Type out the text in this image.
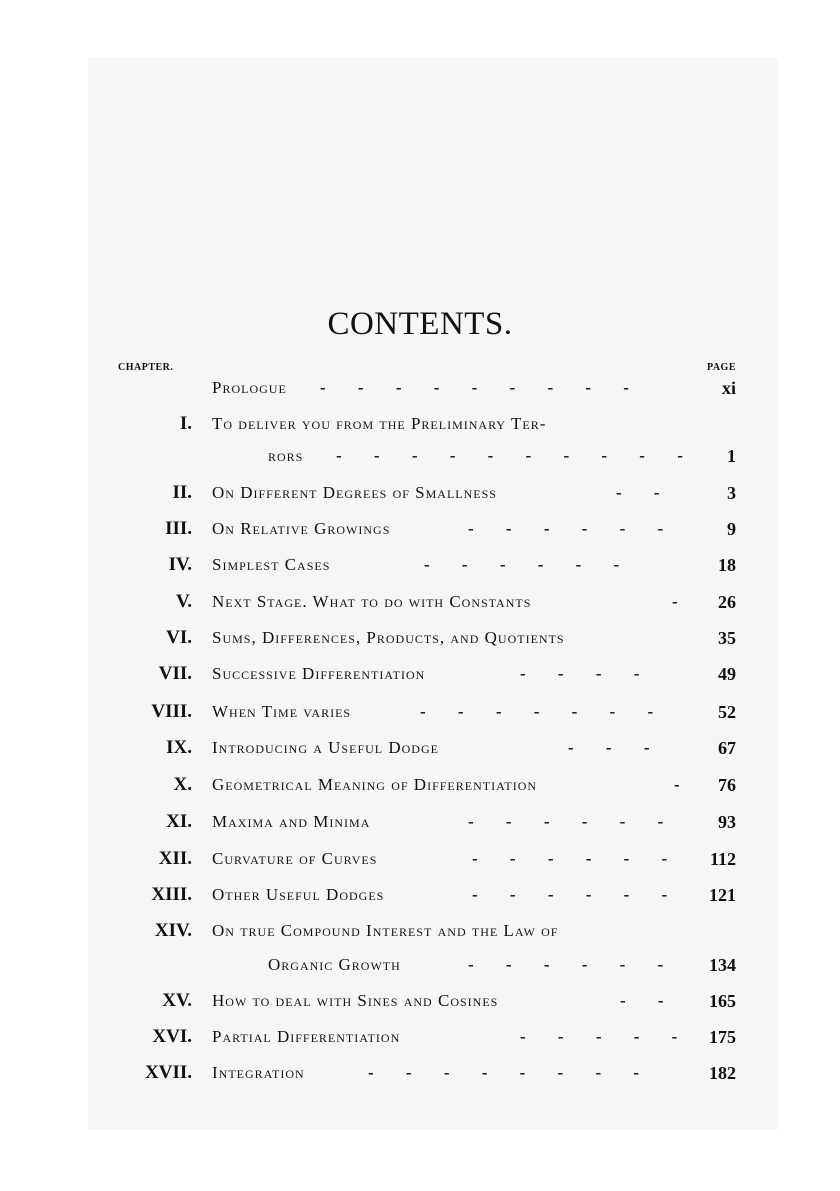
CONTENTS.
CHAPTER.	PAGE
Prologue - - - - - - - - -	xi
I. To deliver you from the Preliminary Ter-
rors - - - - - - - - - - 1
II. On Different Degrees of Smallness	- -	3
III. On Relative Growings	- - - - - -	9
IV. Simplest Cases	- - - - - -	18
V. Next Stage. What to do with Constants	- 26
VI. Sums, Differences, Products, and Quotients	35
VII. Successive Differentiation	- - - -	49
VIII. When Time varies	- - - - - - -	52
IX. Introducing a Useful Dodge	- - -	67
X. Geometrical Meaning of Differentiation	- 76
XI. Maxima and Minima	- - - - - - 93
XII. Curvature of Curves	- - - - - - 112
XIII. Other Useful Dodges	- - - - - - 121
XIV. On true Compound Interest and the Law of
Organic Growth	- - - - - - 134
XV. How to deal with Sines and Cosines	- - 165
XVI. Partial Differentiation	- - - - - 175
XVII. Integration	- - - - - - - -	182
